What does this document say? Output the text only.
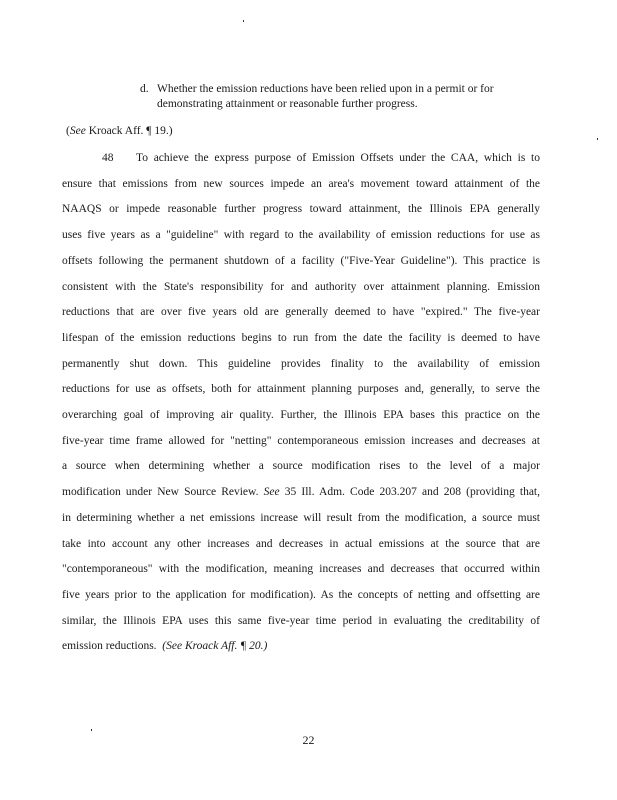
d. Whether the emission reductions have been relied upon in a permit or for
demonstrating attainment or reasonable further progress.
(See Kroack Aff. ¶ 19.)
48 To achieve the express purpose of Emission Offsets under the CAA, which is to
ensure that emissions from new sources impede an area's movement toward attainment of the
NAAQS or impede reasonable further progress toward attainment, the Illinois EPA generally
uses five years as a "guideline" with regard to the availability of emission reductions for use as
offsets following the permanent shutdown of a facility ("Five-Year Guideline"). This practice is
consistent with the State's responsibility for and authority over attainment planning. Emission
reductions that are over five years old are generally deemed to have "expired." The five-year
lifespan of the emission reductions begins to run from the date the facility is deemed to have
permanently shut down. This guideline provides finality to the availability of emission
reductions for use as offsets, both for attainment planning purposes and, generally, to serve the
overarching goal of improving air quality. Further, the Illinois EPA bases this practice on the
five-year time frame allowed for "netting" contemporaneous emission increases and decreases at
a source when determining whether a source modification rises to the level of a major
modification under New Source Review. See 35 Ill. Adm. Code 203.207 and 208 (providing that,
in determining whether a net emissions increase will result from the modification, a source must
take into account any other increases and decreases in actual emissions at the source that are
"contemporaneous" with the modification, meaning increases and decreases that occurred within
five years prior to the application for modification). As the concepts of netting and offsetting are
similar, the Illinois EPA uses this same five-year time period in evaluating the creditability of
emission reductions. (See Kroack Aff. ¶ 20.)
22
